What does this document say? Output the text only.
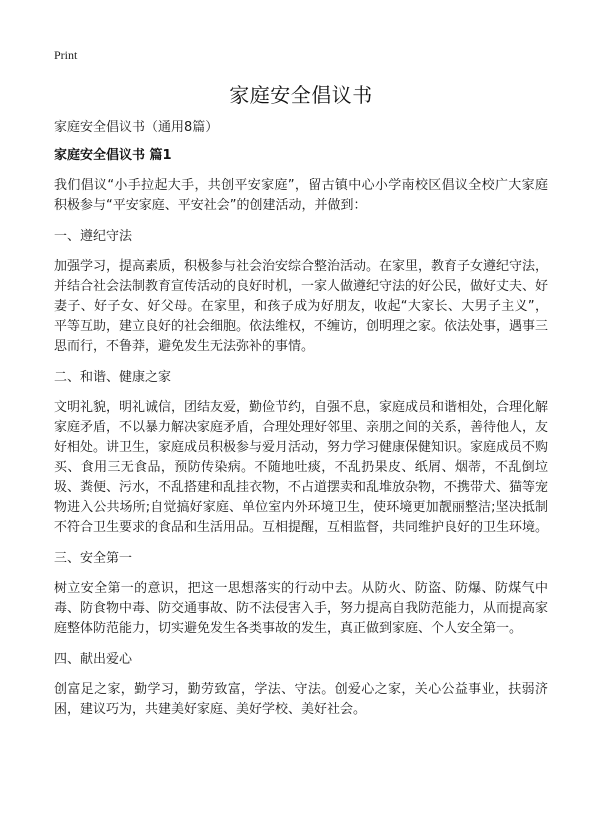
Print
家庭安全倡议书
家庭安全倡议书（通用8篇）
家庭安全倡议书 篇1

我们倡议“小手拉起大手，共创平安家庭”，留古镇中心小学南校区倡议全校广大家庭积极参与“平安家庭、平安社会”的创建活动，并做到：

一、遵纪守法

加强学习，提高素质，积极参与社会治安综合整治活动。在家里，教育子女遵纪守法，并结合社会法制教育宣传活动的良好时机，一家人做遵纪守法的好公民，做好丈夫、好妻子、好子女、好父母。在家里，和孩子成为好朋友，收起“大家长、大男子主义”，平等互助，建立良好的社会细胞。依法维权，不缠访，创明理之家。依法处事，遇事三思而行，不鲁莽，避免发生无法弥补的事情。

二、和谐、健康之家

文明礼貌，明礼诚信，团结友爱，勤俭节约，自强不息，家庭成员和谐相处，合理化解家庭矛盾，不以暴力解决家庭矛盾，合理处理好邻里、亲朋之间的关系，善待他人，友好相处。讲卫生，家庭成员积极参与爱月活动，努力学习健康保健知识。家庭成员不购买、食用三无食品，预防传染病。不随地吐痰，不乱扔果皮、纸屑、烟蒂，不乱倒垃圾、粪便、污水，不乱搭建和乱挂衣物，不占道摆卖和乱堆放杂物，不携带犬、猫等宠物进入公共场所;自觉搞好家庭、单位室内外环境卫生，使环境更加靓丽整洁;坚决抵制不符合卫生要求的食品和生活用品。互相提醒，互相监督，共同维护良好的卫生环境。

三、安全第一

树立安全第一的意识，把这一思想落实的行动中去。从防火、防盗、防爆、防煤气中毒、防食物中毒、防交通事故、防不法侵害入手，努力提高自我防范能力，从而提高家庭整体防范能力，切实避免发生各类事故的发生，真正做到家庭、个人安全第一。

四、献出爱心

创富足之家，勤学习，勤劳致富，学法、守法。创爱心之家，关心公益事业，扶弱济困，建议巧为，共建美好家庭、美好学校、美好社会。
